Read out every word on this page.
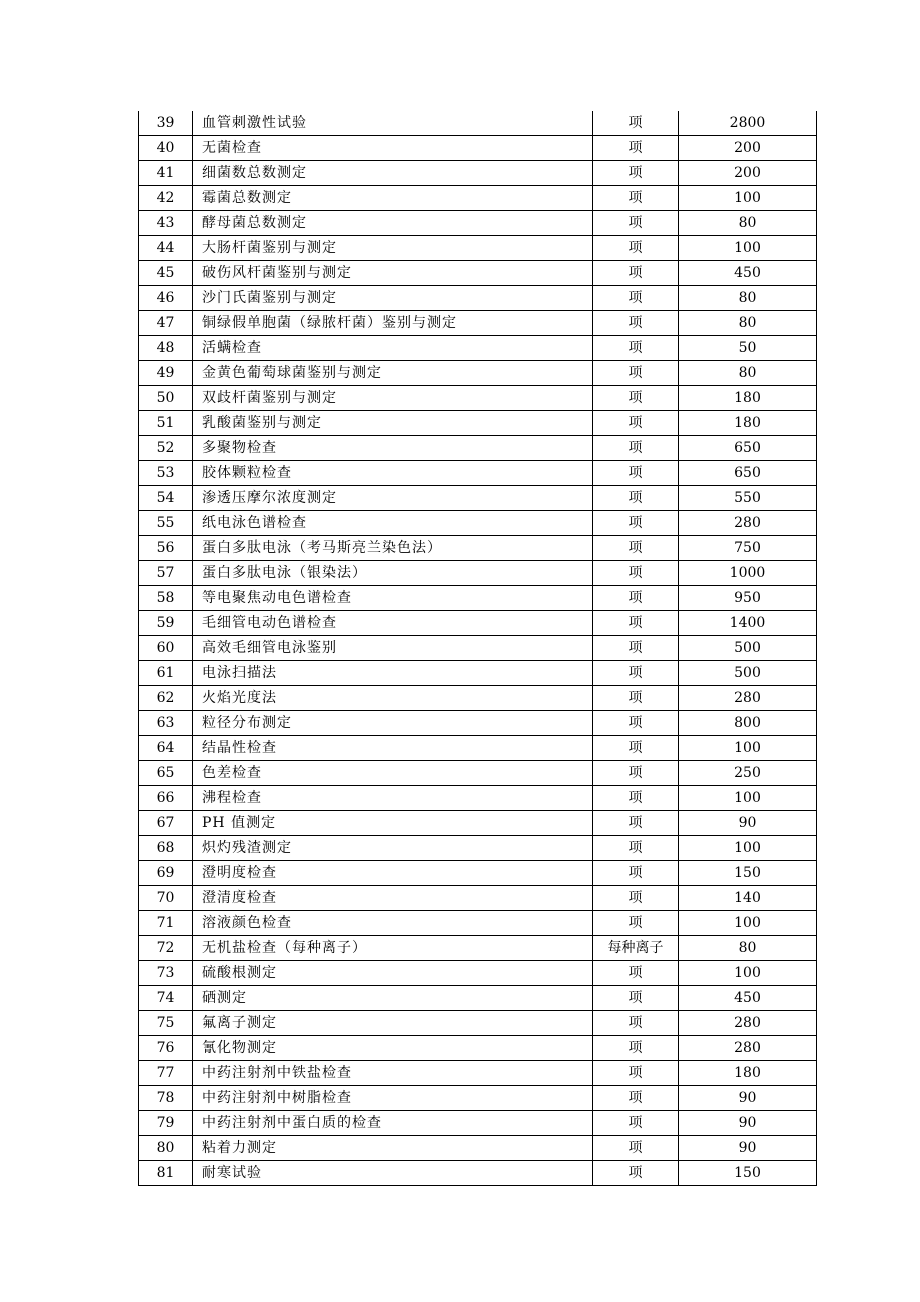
39	血管刺激性试验	项	2800
40	无菌检查	项	200
41	细菌数总数测定	项	200
42	霉菌总数测定	项	100
43	酵母菌总数测定	项	80
44	大肠杆菌鉴别与测定	项	100
45	破伤风杆菌鉴别与测定	项	450
46	沙门氏菌鉴别与测定	项	80
47	铜绿假单胞菌（绿脓杆菌）鉴别与测定	项	80
48	活螨检查	项	50
49	金黄色葡萄球菌鉴别与测定	项	80
50	双歧杆菌鉴别与测定	项	180
51	乳酸菌鉴别与测定	项	180
52	多聚物检查	项	650
53	胶体颗粒检查	项	650
54	渗透压摩尔浓度测定	项	550
55	纸电泳色谱检查	项	280
56	蛋白多肽电泳（考马斯亮兰染色法）	项	750
57	蛋白多肽电泳（银染法）	项	1000
58	等电聚焦动电色谱检查	项	950
59	毛细管电动色谱检查	项	1400
60	高效毛细管电泳鉴别	项	500
61	电泳扫描法	项	500
62	火焰光度法	项	280
63	粒径分布测定	项	800
64	结晶性检查	项	100
65	色差检查	项	250
66	沸程检查	项	100
67	PH 值测定	项	90
68	炽灼残渣测定	项	100
69	澄明度检查	项	150
70	澄清度检查	项	140
71	溶液颜色检查	项	100
72	无机盐检查（每种离子）	每种离子	80
73	硫酸根测定	项	100
74	硒测定	项	450
75	氟离子测定	项	280
76	氰化物测定	项	280
77	中药注射剂中铁盐检查	项	180
78	中药注射剂中树脂检查	项	90
79	中药注射剂中蛋白质的检查	项	90
80	粘着力测定	项	90
81	耐寒试验	项	150
